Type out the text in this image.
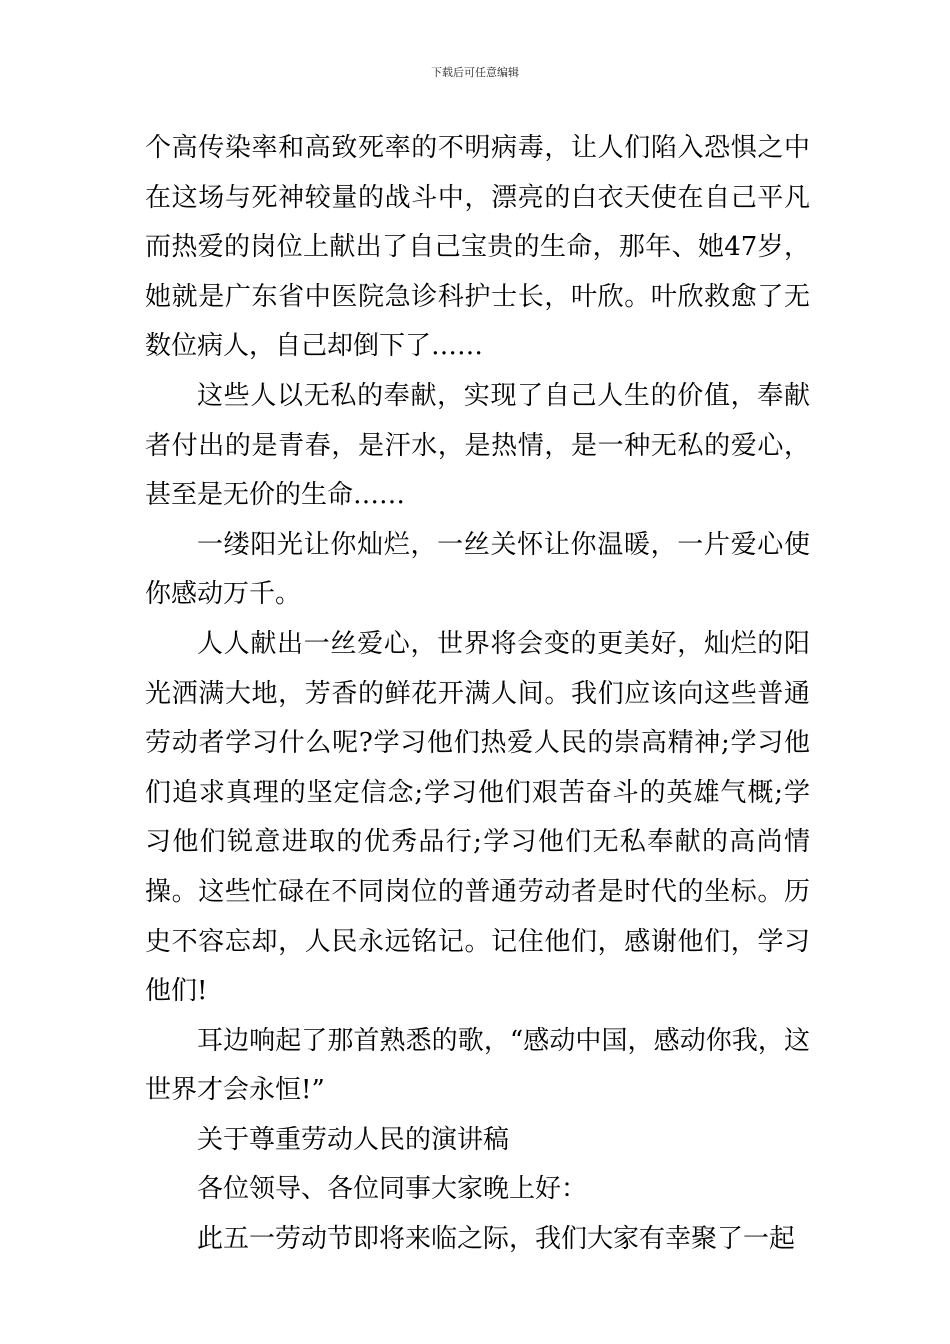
下载后可任意编辑

个高传染率和高致死率的不明病毒，让人们陷入恐惧之中在这场与死神较量的战斗中，漂亮的白衣天使在自己平凡而热爱的岗位上献出了自己宝贵的生命，那年、她47岁，她就是广东省中医院急诊科护士长，叶欣。叶欣救愈了无数位病人，自己却倒下了……

这些人以无私的奉献，实现了自己人生的价值，奉献者付出的是青春，是汗水，是热情，是一种无私的爱心，甚至是无价的生命……

一缕阳光让你灿烂，一丝关怀让你温暖，一片爱心使你感动万千。

人人献出一丝爱心，世界将会变的更美好，灿烂的阳光洒满大地，芳香的鲜花开满人间。我们应该向这些普通劳动者学习什么呢?学习他们热爱人民的崇高精神;学习他们追求真理的坚定信念;学习他们艰苦奋斗的英雄气概;学习他们锐意进取的优秀品行;学习他们无私奉献的高尚情操。这些忙碌在不同岗位的普通劳动者是时代的坐标。历史不容忘却，人民永远铭记。记住他们，感谢他们，学习他们!

耳边响起了那首熟悉的歌，“感动中国，感动你我，这世界才会永恒!”

关于尊重劳动人民的演讲稿

各位领导、各位同事大家晚上好：

此五一劳动节即将来临之际，我们大家有幸聚了一起
